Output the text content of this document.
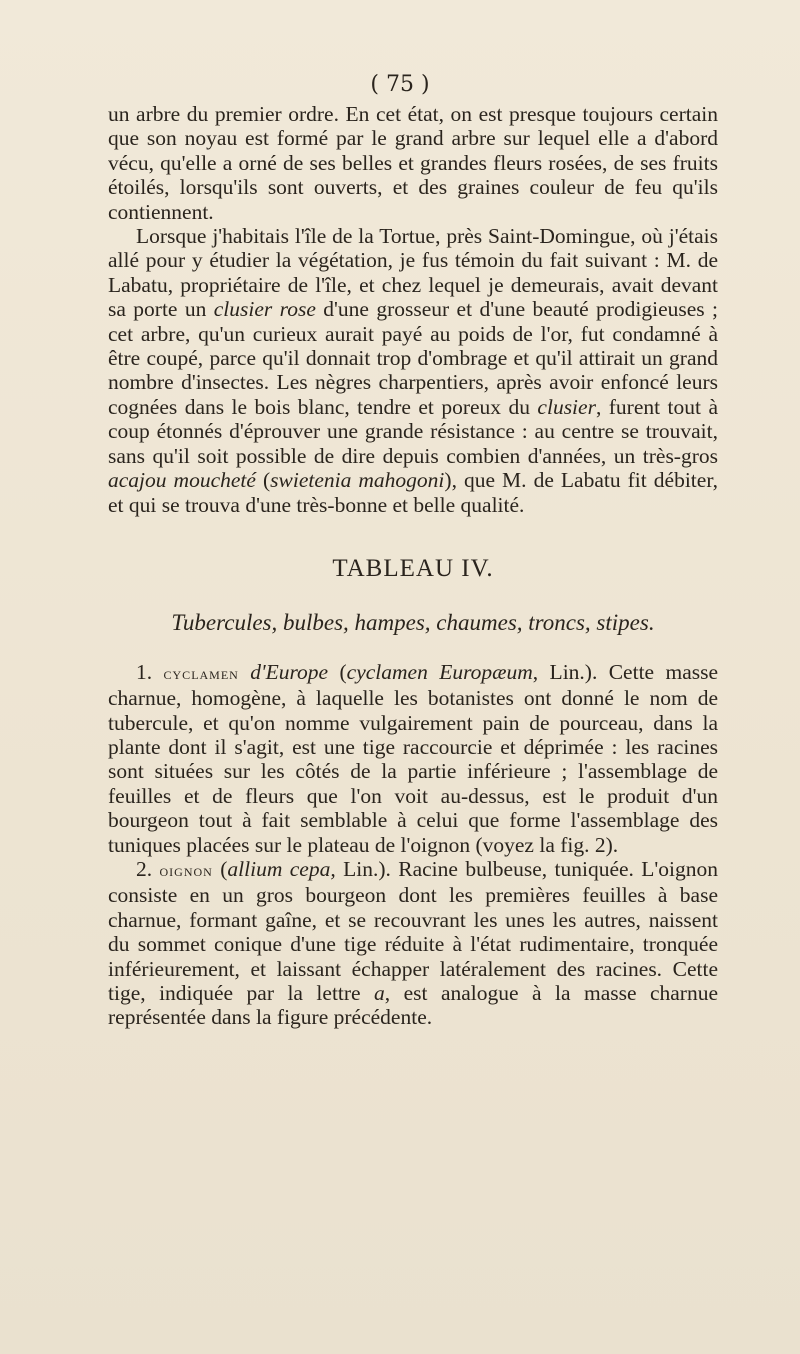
( 75 )

un arbre du premier ordre. En cet état, on est presque toujours certain que son noyau est formé par le grand arbre sur lequel elle a d'abord vécu, qu'elle a orné de ses belles et grandes fleurs rosées, de ses fruits étoilés, lorsqu'ils sont ouverts, et des graines couleur de feu qu'ils contiennent.

Lorsque j'habitais l'île de la Tortue, près Saint-Domingue, où j'étais allé pour y étudier la végétation, je fus témoin du fait suivant : M. de Labatu, propriétaire de l'île, et chez lequel je demeurais, avait devant sa porte un clusier rose d'une grosseur et d'une beauté prodigieuses ; cet arbre, qu'un curieux aurait payé au poids de l'or, fut condamné à être coupé, parce qu'il donnait trop d'ombrage et qu'il attirait un grand nombre d'insectes. Les nègres charpentiers, après avoir enfoncé leurs cognées dans le bois blanc, tendre et poreux du clusier, furent tout à coup étonnés d'éprouver une grande résistance : au centre se trouvait, sans qu'il soit possible de dire depuis combien d'années, un très-gros acajou moucheté (swietenia mahogoni), que M. de Labatu fit débiter, et qui se trouva d'une très-bonne et belle qualité.

TABLEAU IV.

Tubercules, bulbes, hampes, chaumes, troncs, stipes.

1. cyclamen d'Europe (cyclamen Europæum, Lin.). Cette masse charnue, homogène, à laquelle les botanistes ont donné le nom de tubercule, et qu'on nomme vulgairement pain de pourceau, dans la plante dont il s'agit, est une tige raccourcie et déprimée : les racines sont situées sur les côtés de la partie inférieure ; l'assemblage de feuilles et de fleurs que l'on voit au-dessus, est le produit d'un bourgeon tout à fait semblable à celui que forme l'assemblage des tuniques placées sur le plateau de l'oignon (voyez la fig. 2).

2. oignon (allium cepa, Lin.). Racine bulbeuse, tuniquée. L'oignon consiste en un gros bourgeon dont les premières feuilles à base charnue, formant gaîne, et se recouvrant les unes les autres, naissent du sommet conique d'une tige réduite à l'état rudimentaire, tronquée inférieurement, et laissant échapper latéralement des racines. Cette tige, indiquée par la lettre a, est analogue à la masse charnue représentée dans la figure précédente.
